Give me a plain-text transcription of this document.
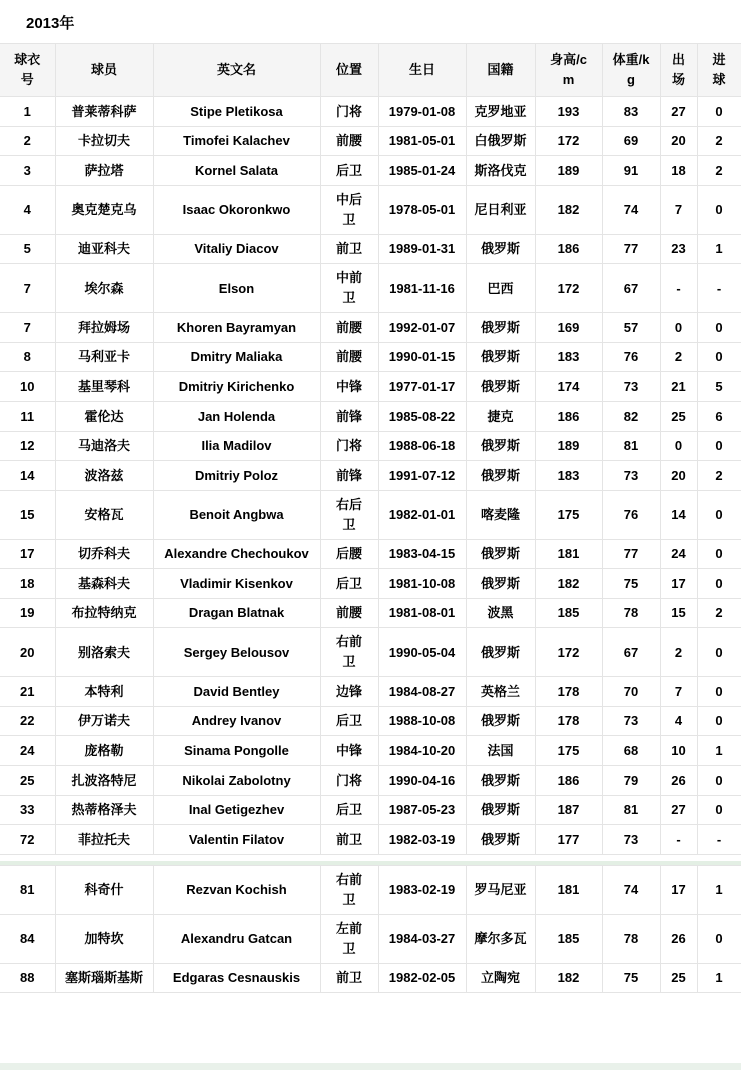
2013年
球衣号	球员	英文名	位置	生日	国籍	身高/cm	体重/kg	出场	进球
1	普莱蒂科萨	Stipe Pletikosa	门将	1979-01-08	克罗地亚	193	83	27	0
2	卡拉切夫	Timofei Kalachev	前腰	1981-05-01	白俄罗斯	172	69	20	2
3	萨拉塔	Kornel Salata	后卫	1985-01-24	斯洛伐克	189	91	18	2
4	奥克楚克乌	Isaac Okoronkwo	中后卫	1978-05-01	尼日利亚	182	74	7	0
5	迪亚科夫	Vitaliy Diacov	前卫	1989-01-31	俄罗斯	186	77	23	1
7	埃尔森	Elson	中前卫	1981-11-16	巴西	172	67	-	-
7	拜拉姆场	Khoren Bayramyan	前腰	1992-01-07	俄罗斯	169	57	0	0
8	马利亚卡	Dmitry Maliaka	前腰	1990-01-15	俄罗斯	183	76	2	0
10	基里琴科	Dmitriy Kirichenko	中锋	1977-01-17	俄罗斯	174	73	21	5
11	霍伦达	Jan Holenda	前锋	1985-08-22	捷克	186	82	25	6
12	马迪洛夫	Ilia Madilov	门将	1988-06-18	俄罗斯	189	81	0	0
14	波洛兹	Dmitriy Poloz	前锋	1991-07-12	俄罗斯	183	73	20	2
15	安格瓦	Benoit Angbwa	右后卫	1982-01-01	喀麦隆	175	76	14	0
17	切乔科夫	Alexandre Chechoukov	后腰	1983-04-15	俄罗斯	181	77	24	0
18	基森科夫	Vladimir Kisenkov	后卫	1981-10-08	俄罗斯	182	75	17	0
19	布拉特纳克	Dragan Blatnak	前腰	1981-08-01	波黑	185	78	15	2
20	别洛索夫	Sergey Belousov	右前卫	1990-05-04	俄罗斯	172	67	2	0
21	本特利	David Bentley	边锋	1984-08-27	英格兰	178	70	7	0
22	伊万诺夫	Andrey Ivanov	后卫	1988-10-08	俄罗斯	178	73	4	0
24	庞格勒	Sinama Pongolle	中锋	1984-10-20	法国	175	68	10	1
25	扎波洛特尼	Nikolai Zabolotny	门将	1990-04-16	俄罗斯	186	79	26	0
33	热蒂格泽夫	Inal Getigezhev	后卫	1987-05-23	俄罗斯	187	81	27	0
72	菲拉托夫	Valentin Filatov	前卫	1982-03-19	俄罗斯	177	73	-	-
81	科奇什	Rezvan Kochish	右前卫	1983-02-19	罗马尼亚	181	74	17	1
84	加特坎	Alexandru Gatcan	左前卫	1984-03-27	摩尔多瓦	185	78	26	0
88	塞斯瑙斯基斯	Edgaras Cesnauskis	前卫	1982-02-05	立陶宛	182	75	25	1
